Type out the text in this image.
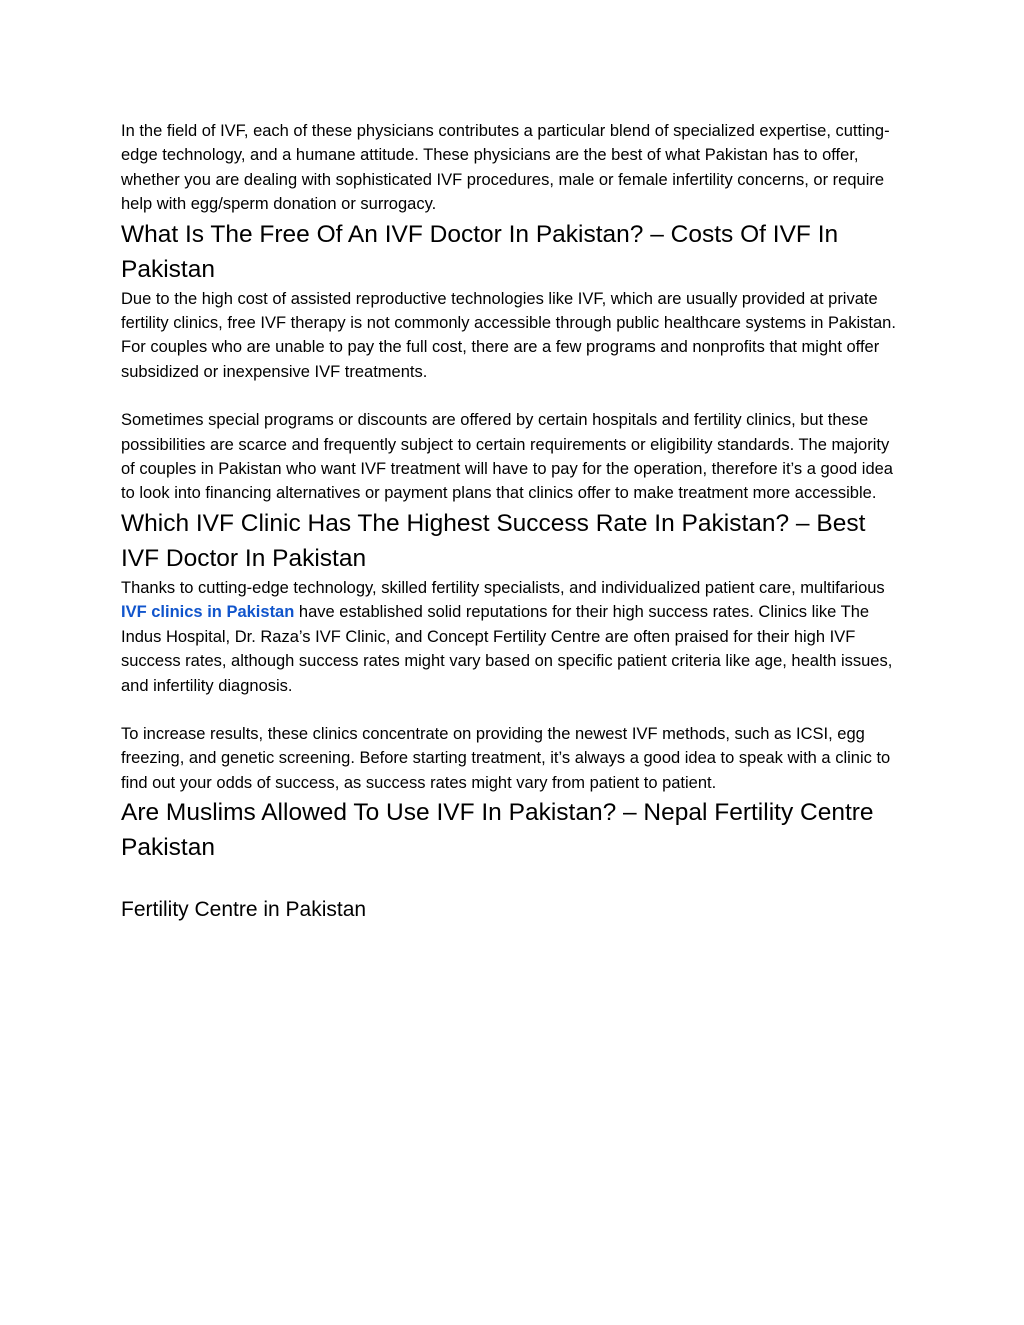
In the field of IVF, each of these physicians contributes a particular blend of specialized expertise, cutting-edge technology, and a humane attitude. These physicians are the best of what Pakistan has to offer, whether you are dealing with sophisticated IVF procedures, male or female infertility concerns, or require help with egg/sperm donation or surrogacy.

What Is The Free Of An IVF Doctor In Pakistan? – Costs Of IVF In Pakistan

Due to the high cost of assisted reproductive technologies like IVF, which are usually provided at private fertility clinics, free IVF therapy is not commonly accessible through public healthcare systems in Pakistan. For couples who are unable to pay the full cost, there are a few programs and nonprofits that might offer subsidized or inexpensive IVF treatments.

Sometimes special programs or discounts are offered by certain hospitals and fertility clinics, but these possibilities are scarce and frequently subject to certain requirements or eligibility standards. The majority of couples in Pakistan who want IVF treatment will have to pay for the operation, therefore it’s a good idea to look into financing alternatives or payment plans that clinics offer to make treatment more accessible.

Which IVF Clinic Has The Highest Success Rate In Pakistan? – Best IVF Doctor In Pakistan

Thanks to cutting-edge technology, skilled fertility specialists, and individualized patient care, multifarious IVF clinics in Pakistan have established solid reputations for their high success rates. Clinics like The Indus Hospital, Dr. Raza’s IVF Clinic, and Concept Fertility Centre are often praised for their high IVF success rates, although success rates might vary based on specific patient criteria like age, health issues, and infertility diagnosis.

To increase results, these clinics concentrate on providing the newest IVF methods, such as ICSI, egg freezing, and genetic screening. Before starting treatment, it’s always a good idea to speak with a clinic to find out your odds of success, as success rates might vary from patient to patient.

Are Muslims Allowed To Use IVF In Pakistan? – Nepal Fertility Centre Pakistan
Fertility Centre in Pakistan
